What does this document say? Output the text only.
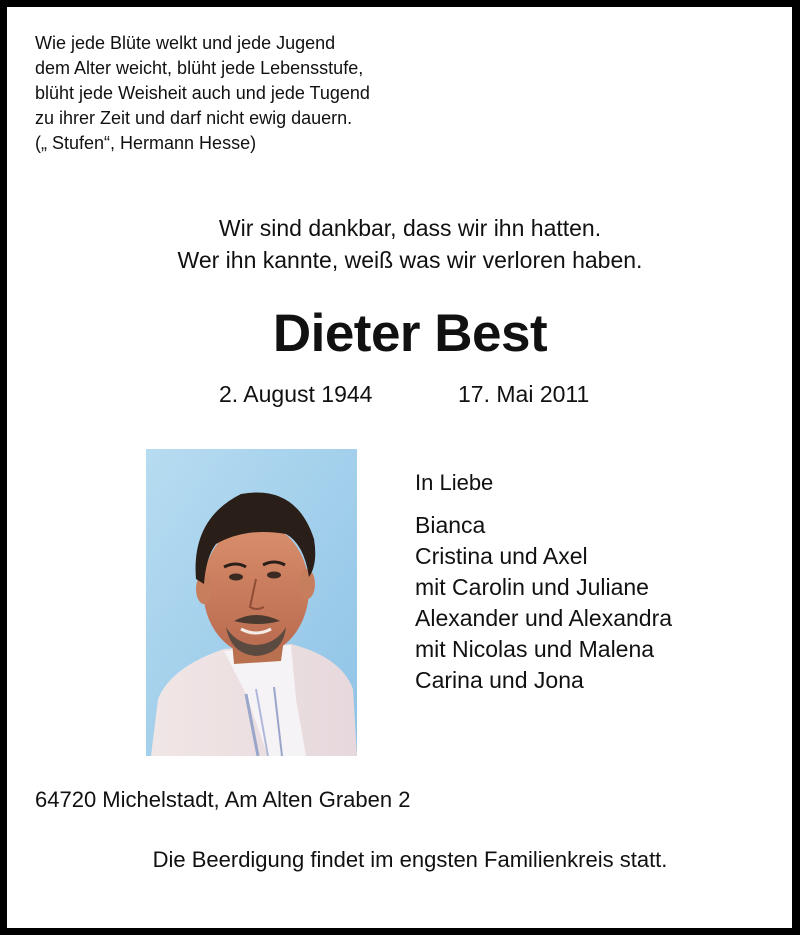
Wie jede Blüte welkt und jede Jugend
dem Alter weicht, blüht jede Lebensstufe,
blüht jede Weisheit auch und jede Tugend
zu ihrer Zeit und darf nicht ewig dauern.
(„ Stufen“, Hermann Hesse)
Wir sind dankbar, dass wir ihn hatten.
Wer ihn kannte, weiß was wir verloren haben.
Dieter Best
2. August 1944	17. Mai 2011
In Liebe
Bianca
Cristina und Axel
mit Carolin und Juliane
Alexander und Alexandra
mit Nicolas und Malena
Carina und Jona
64720 Michelstadt, Am Alten Graben 2
Die Beerdigung findet im engsten Familienkreis statt.
